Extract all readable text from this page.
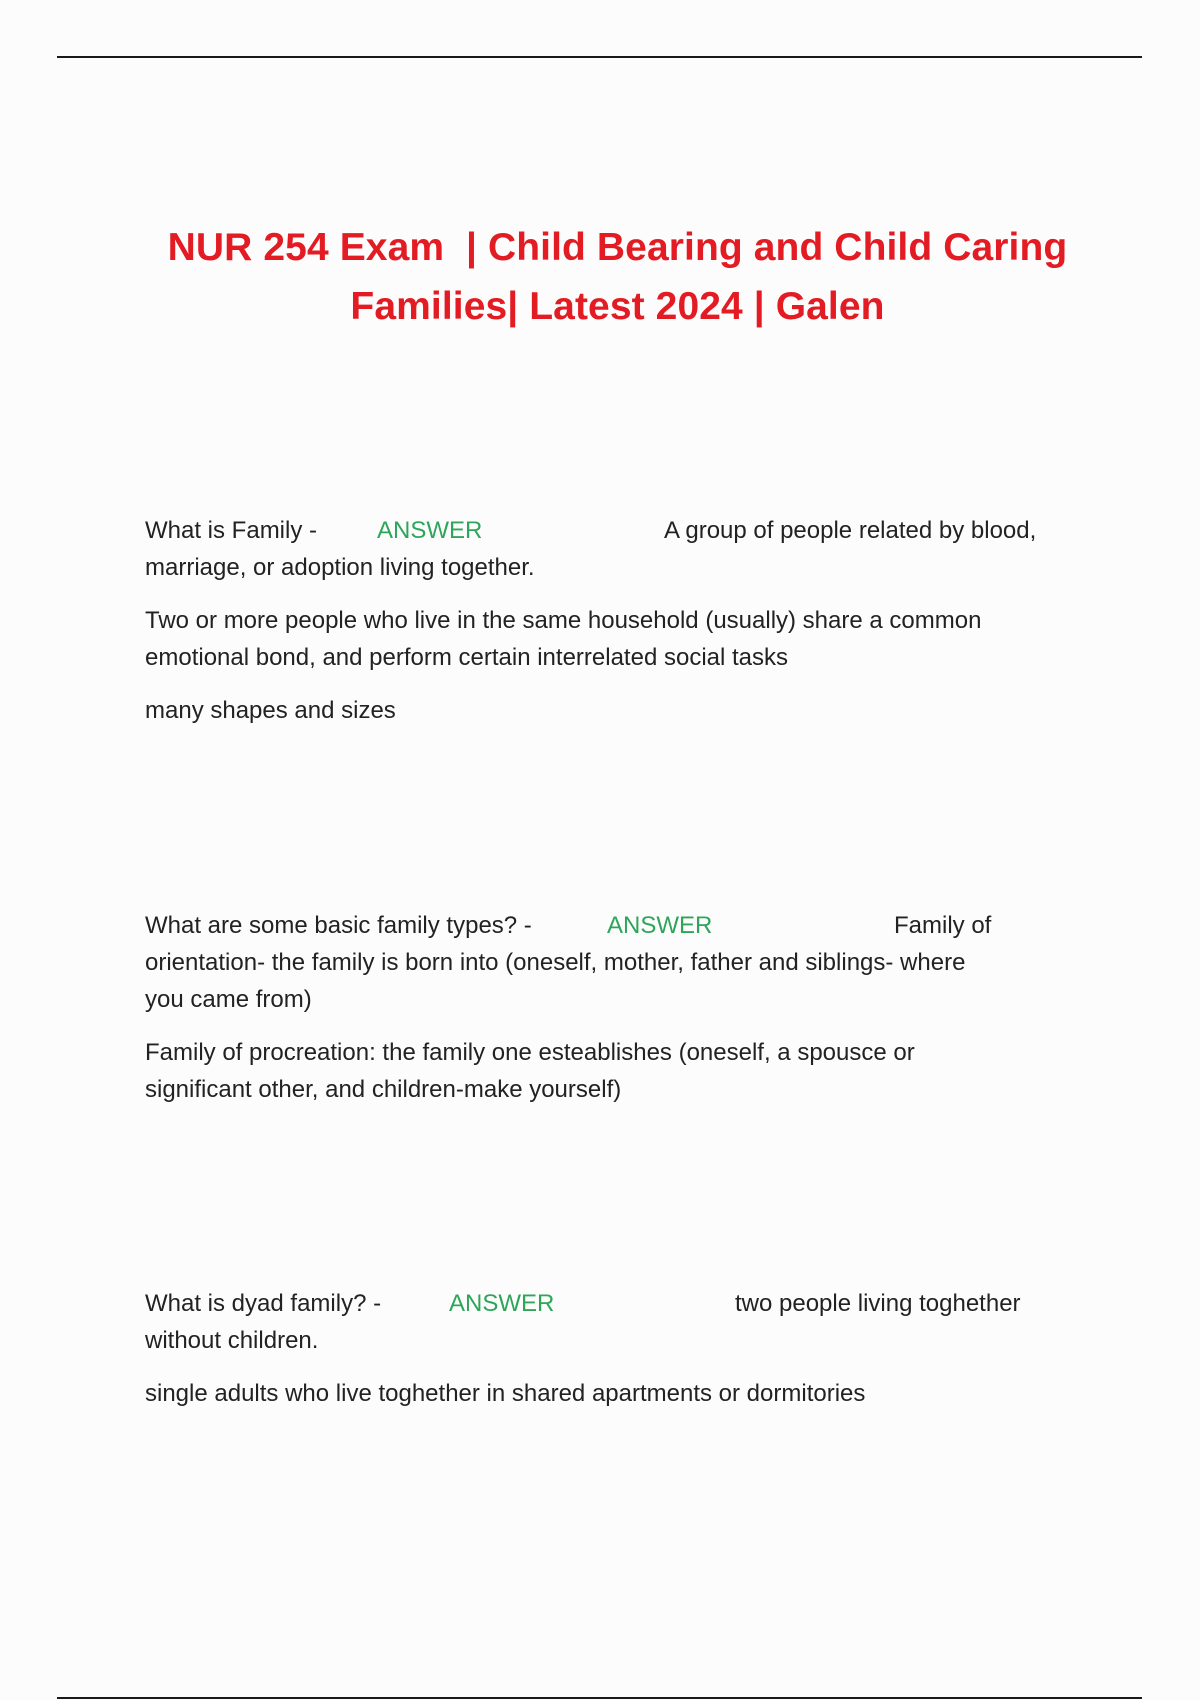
NUR 254 Exam  | Child Bearing and Child Caring
Families| Latest 2024 | Galen
What is Family -	ANSWER	A group of people related by blood,
marriage, or adoption living together.
Two or more people who live in the same household (usually) share a common
emotional bond, and perform certain interrelated social tasks
many shapes and sizes
What are some basic family types? -	ANSWER	Family of
orientation- the family is born into (oneself, mother, father and siblings- where
you came from)
Family of procreation: the family one esteablishes (oneself, a spousce or
significant other, and children-make yourself)
What is dyad family? -	ANSWER	two people living toghether
without children.
single adults who live toghether in shared apartments or dormitories
